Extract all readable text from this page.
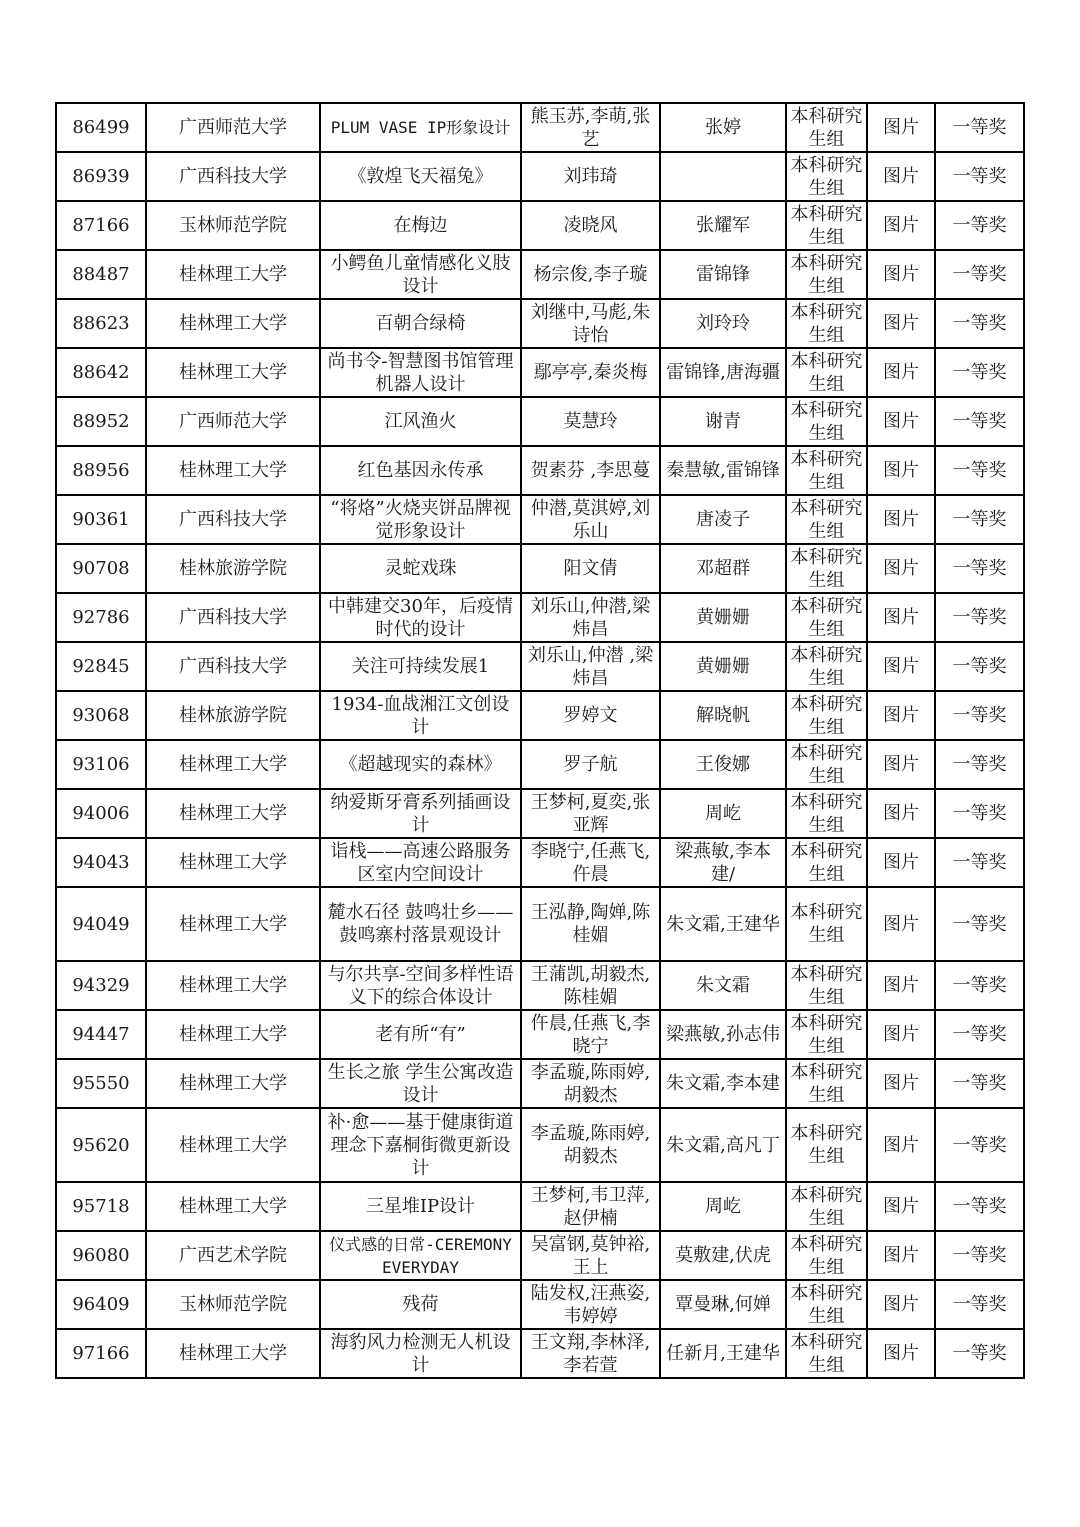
86499	广西师范大学	PLUM VASE IP形象设计	熊玉苏,李萌,张艺	张婷	本科研究生组	图片	一等奖
86939	广西科技大学	《敦煌飞天福兔》	刘玮琦		本科研究生组	图片	一等奖
87166	玉林师范学院	在梅边	凌晓风	张耀军	本科研究生组	图片	一等奖
88487	桂林理工大学	小鳄鱼儿童情感化义肢设计	杨宗俊,李子璇	雷锦锋	本科研究生组	图片	一等奖
88623	桂林理工大学	百朝合绿椅	刘继中,马彪,朱诗怡	刘玲玲	本科研究生组	图片	一等奖
88642	桂林理工大学	尚书令-智慧图书馆管理机器人设计	鄢亭亭,秦炎梅	雷锦锋,唐海疆	本科研究生组	图片	一等奖
88952	广西师范大学	江风渔火	莫慧玲	谢青	本科研究生组	图片	一等奖
88956	桂林理工大学	红色基因永传承	贺素芬 ,李思蔓	秦慧敏,雷锦锋	本科研究生组	图片	一等奖
90361	广西科技大学	“将烙”火烧夹饼品牌视觉形象设计	仲潜,莫淇婷,刘乐山	唐凌子	本科研究生组	图片	一等奖
90708	桂林旅游学院	灵蛇戏珠	阳文倩	邓超群	本科研究生组	图片	一等奖
92786	广西科技大学	中韩建交30年，后疫情时代的设计	刘乐山,仲潜,梁炜昌	黄姗姗	本科研究生组	图片	一等奖
92845	广西科技大学	关注可持续发展1	刘乐山,仲潜 ,梁炜昌	黄姗姗	本科研究生组	图片	一等奖
93068	桂林旅游学院	1934-血战湘江文创设计	罗婷文	解晓帆	本科研究生组	图片	一等奖
93106	桂林理工大学	《超越现实的森林》	罗子航	王俊娜	本科研究生组	图片	一等奖
94006	桂林理工大学	纳爱斯牙膏系列插画设计	王梦柯,夏奕,张亚辉	周屹	本科研究生组	图片	一等奖
94043	桂林理工大学	诣栈——高速公路服务区室内空间设计	李晓宁,任燕飞,仵晨	梁燕敏,李本建/	本科研究生组	图片	一等奖
94049	桂林理工大学	麓水石径 鼓鸣壮乡——鼓鸣寨村落景观设计	王泓静,陶婵,陈桂媚	朱文霜,王建华	本科研究生组	图片	一等奖
94329	桂林理工大学	与尔共享-空间多样性语义下的综合体设计	王蒲凯,胡毅杰,陈桂媚	朱文霜	本科研究生组	图片	一等奖
94447	桂林理工大学	老有所“有”	仵晨,任燕飞,李晓宁	梁燕敏,孙志伟	本科研究生组	图片	一等奖
95550	桂林理工大学	生长之旅 学生公寓改造设计	李孟璇,陈雨婷,胡毅杰	朱文霜,李本建	本科研究生组	图片	一等奖
95620	桂林理工大学	补·愈——基于健康街道理念下嘉桐街微更新设计	李孟璇,陈雨婷,胡毅杰	朱文霜,高凡丁	本科研究生组	图片	一等奖
95718	桂林理工大学	三星堆IP设计	王梦柯,韦卫萍,赵伊楠	周屹	本科研究生组	图片	一等奖
96080	广西艺术学院	仪式感的日常-CEREMONY EVERYDAY	吴富钢,莫钟裕,王上	莫敷建,伏虎	本科研究生组	图片	一等奖
96409	玉林师范学院	残荷	陆发权,汪燕姿,韦婷婷	覃曼琳,何婵	本科研究生组	图片	一等奖
97166	桂林理工大学	海豹风力检测无人机设计	王文翔,李林泽,李若萱	任新月,王建华	本科研究生组	图片	一等奖
